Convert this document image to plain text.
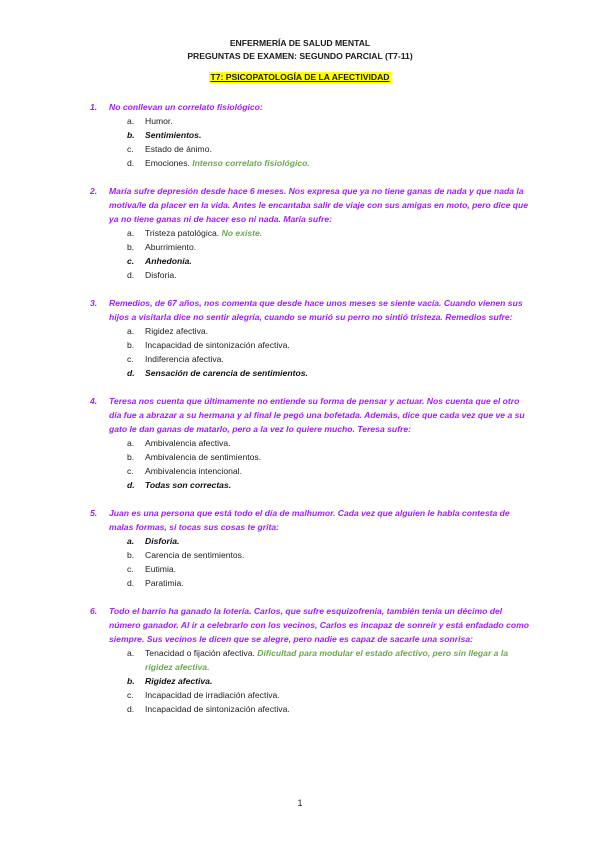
ENFERMERÍA DE SALUD MENTAL
PREGUNTAS DE EXAMEN: SEGUNDO PARCIAL (T7-11)
T7: PSICOPATOLOGÍA DE LA AFECTIVIDAD
1.	No conllevan un correlato fisiológico:
a.	Humor.
b.	Sentimientos.
c.	Estado de ánimo.
d.	Emociones. Intenso correlato fisiológico.
2.	María sufre depresión desde hace 6 meses. Nos expresa que ya no tiene ganas de nada y que nada la motiva/le da placer en la vida. Antes le encantaba salir de viaje con sus amigas en moto, pero dice que ya no tiene ganas ni de hacer eso ni nada. María sufre:
a.	Tristeza patológica. No existe.
b.	Aburrimiento.
c.	Anhedonia.
d.	Disforia.
3.	Remedios, de 67 años, nos comenta que desde hace unos meses se siente vacía. Cuando vienen sus hijos a visitarla dice no sentir alegría, cuando se murió su perro no sintió tristeza. Remedios sufre:
a.	Rigidez afectiva.
b.	Incapacidad de sintonización afectiva.
c.	Indiferencia afectiva.
d.	Sensación de carencia de sentimientos.
4.	Teresa nos cuenta que últimamente no entiende su forma de pensar y actuar. Nos cuenta que el otro día fue a abrazar a su hermana y al final le pegó una bofetada. Además, dice que cada vez que ve a su gato le dan ganas de matarlo, pero a la vez lo quiere mucho. Teresa sufre:
a.	Ambivalencia afectiva.
b.	Ambivalencia de sentimientos.
c.	Ambivalencia intencional.
d.	Todas son correctas.
5.	Juan es una persona que está todo el día de malhumor. Cada vez que alguien le habla contesta de malas formas, si tocas sus cosas te grita:
a.	Disforia.
b.	Carencia de sentimientos.
c.	Eutimia.
d.	Paratimia.
6.	Todo el barrio ha ganado la lotería. Carlos, que sufre esquizofrenia, también tenía un décimo del número ganador. Al ir a celebrarlo con los vecinos, Carlos es incapaz de sonreír y está enfadado como siempre. Sus vecinos le dicen que se alegre, pero nadie es capaz de sacarle una sonrisa:
a.	Tenacidad o fijación afectiva. Dificultad para modular el estado afectivo, pero sin llegar a la rigidez afectiva.
b.	Rigidez afectiva.
c.	Incapacidad de irradiación afectiva.
d.	Incapacidad de sintonización afectiva.
1
